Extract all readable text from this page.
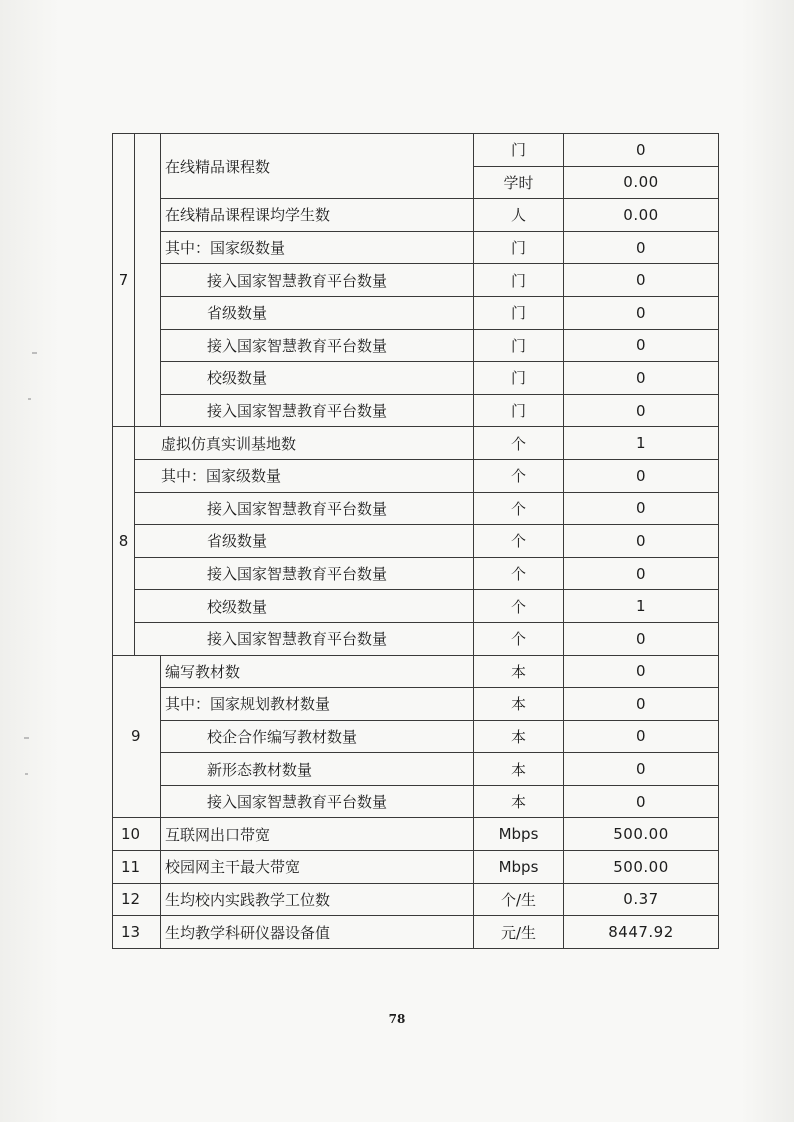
7		在线精品课程数	门	0
			学时	0.00
		在线精品课程课均学生数	人	0.00
		其中：国家级数量	门	0
		接入国家智慧教育平台数量	门	0
		省级数量	门	0
		接入国家智慧教育平台数量	门	0
		校级数量	门	0
		接入国家智慧教育平台数量	门	0
8	虚拟仿真实训基地数		个	1
	其中：国家级数量		个	0
	接入国家智慧教育平台数量		个	0
	省级数量		个	0
	接入国家智慧教育平台数量		个	0
	校级数量		个	1
	接入国家智慧教育平台数量		个	0
9		编写教材数	本	0
		其中：国家规划教材数量	本	0
		校企合作编写教材数量	本	0
		新形态教材数量	本	0
		接入国家智慧教育平台数量	本	0
10		互联网出口带宽	Mbps	500.00
11		校园网主干最大带宽	Mbps	500.00
12		生均校内实践教学工位数	个/生	0.37
13		生均教学科研仪器设备值	元/生	8447.92
78
